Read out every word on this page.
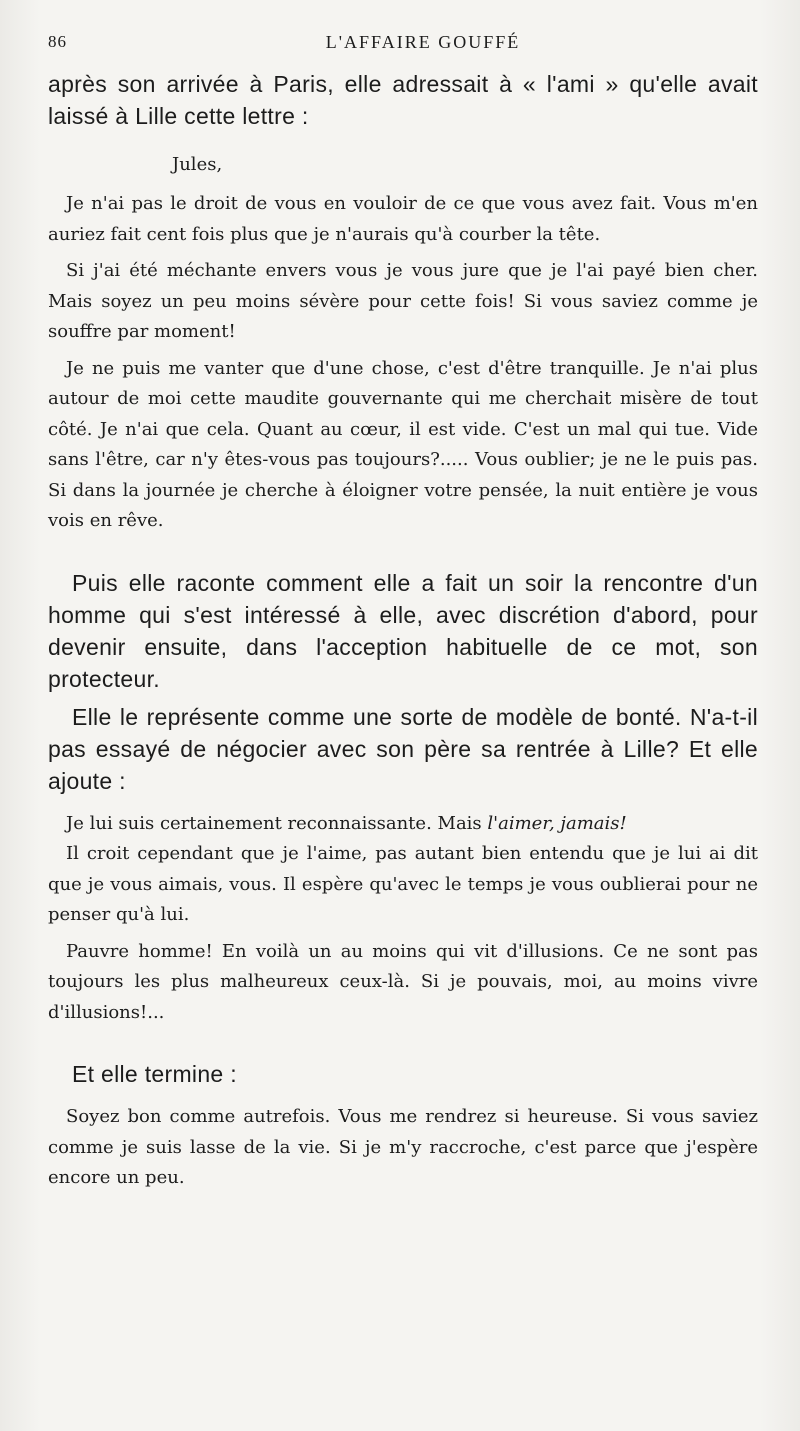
86	L'AFFAIRE GOUFFÉ

après son arrivée à Paris, elle adressait à « l'ami » qu'elle avait laissé à Lille cette lettre :

Jules,

Je n'ai pas le droit de vous en vouloir de ce que vous avez fait. Vous m'en auriez fait cent fois plus que je n'aurais qu'à courber la tête.

Si j'ai été méchante envers vous je vous jure que je l'ai payé bien cher. Mais soyez un peu moins sévère pour cette fois! Si vous saviez comme je souffre par moment!

Je ne puis me vanter que d'une chose, c'est d'être tranquille. Je n'ai plus autour de moi cette maudite gouvernante qui me cherchait misère de tout côté. Je n'ai que cela. Quant au cœur, il est vide. C'est un mal qui tue. Vide sans l'être, car n'y êtes-vous pas toujours?..... Vous oublier; je ne le puis pas. Si dans la journée je cherche à éloigner votre pensée, la nuit entière je vous vois en rêve.

Puis elle raconte comment elle a fait un soir la rencontre d'un homme qui s'est intéressé à elle, avec discrétion d'abord, pour devenir ensuite, dans l'acception habituelle de ce mot, son protecteur.

Elle le représente comme une sorte de modèle de bonté. N'a-t-il pas essayé de négocier avec son père sa rentrée à Lille? Et elle ajoute :

Je lui suis certainement reconnaissante. Mais l'aimer, jamais!

Il croit cependant que je l'aime, pas autant bien entendu que je lui ai dit que je vous aimais, vous. Il espère qu'avec le temps je vous oublierai pour ne penser qu'à lui.

Pauvre homme! En voilà un au moins qui vit d'illusions. Ce ne sont pas toujours les plus malheureux ceux-là. Si je pouvais, moi, au moins vivre d'illusions!...

Et elle termine :

Soyez bon comme autrefois. Vous me rendrez si heureuse. Si vous saviez comme je suis lasse de la vie. Si je m'y raccroche, c'est parce que j'espère encore un peu.
